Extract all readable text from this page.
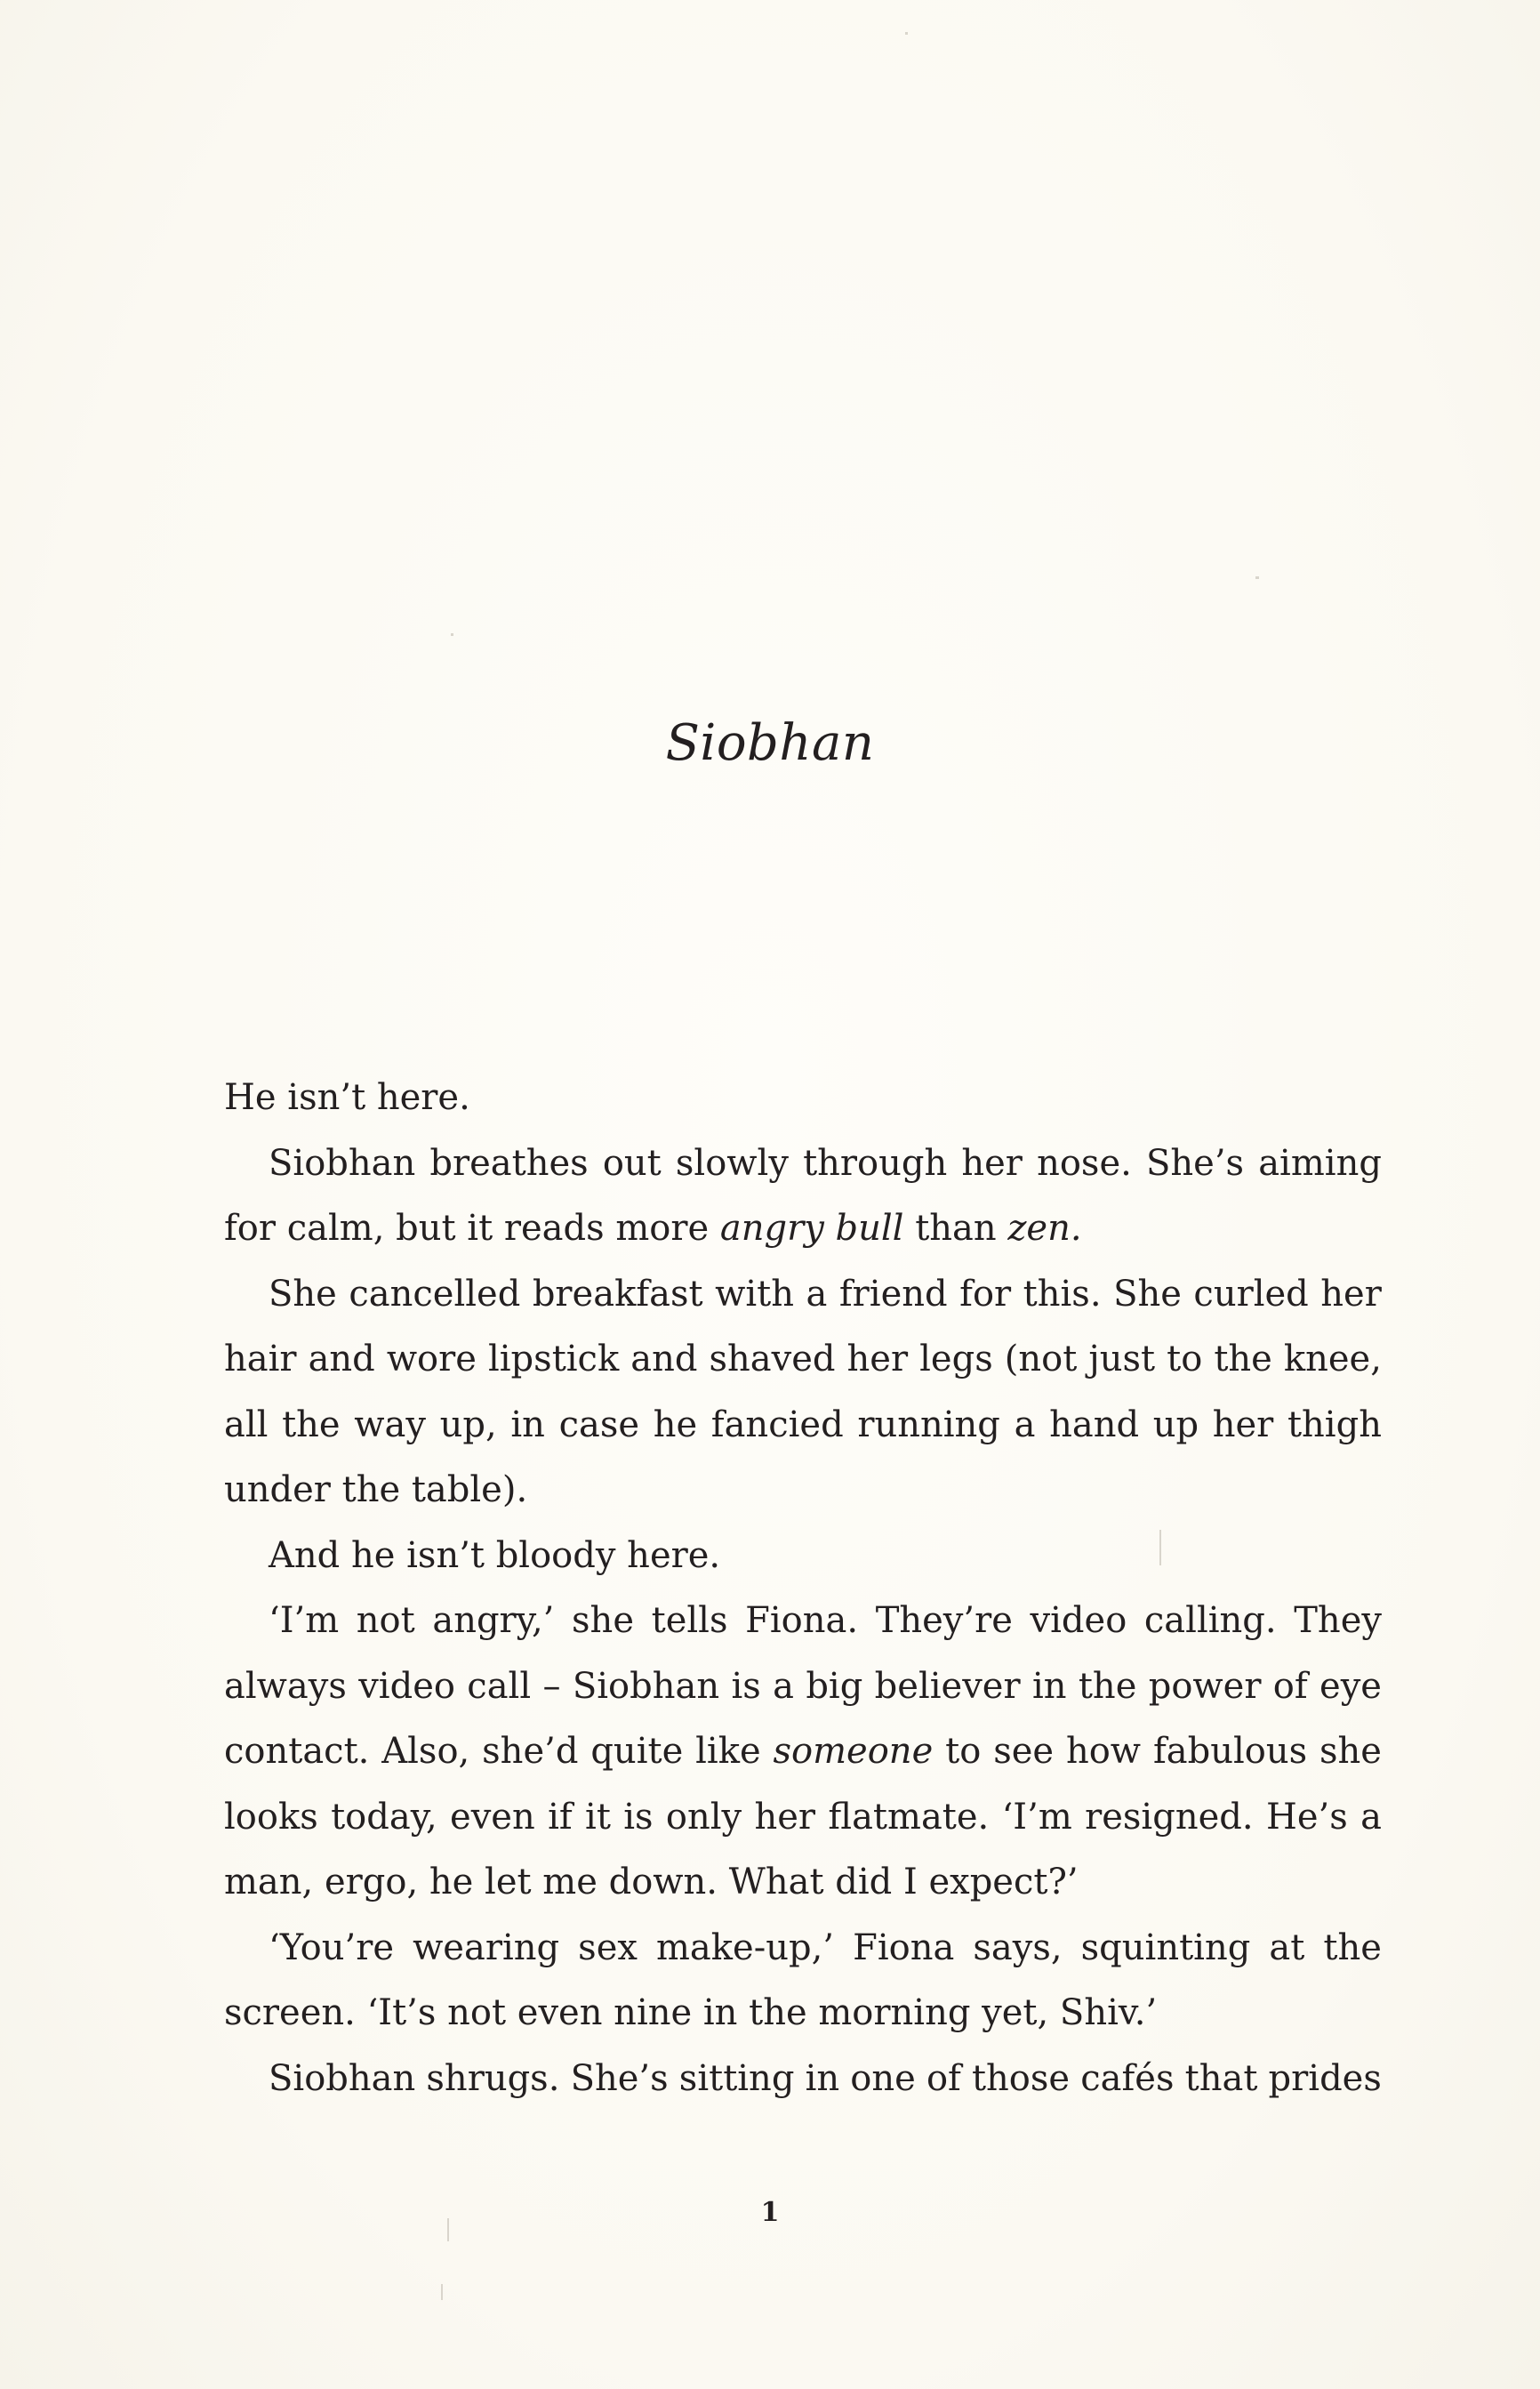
Siobhan
He isn’t here.
Siobhan breathes out slowly through her nose. She’s aiming
for calm, but it reads more angry bull than zen.
She cancelled breakfast with a friend for this. She curled her
hair and wore lipstick and shaved her legs (not just to the knee,
all the way up, in case he fancied running a hand up her thigh
under the table).
And he isn’t bloody here.
‘I’m not angry,’ she tells Fiona. They’re video calling. They
always video call – Siobhan is a big believer in the power of eye
contact. Also, she’d quite like someone to see how fabulous she
looks today, even if it is only her flatmate. ‘I’m resigned. He’s a
man, ergo, he let me down. What did I expect?’
‘You’re wearing sex make-up,’ Fiona says, squinting at the
screen. ‘It’s not even nine in the morning yet, Shiv.’
Siobhan shrugs. She’s sitting in one of those cafés that prides
1
